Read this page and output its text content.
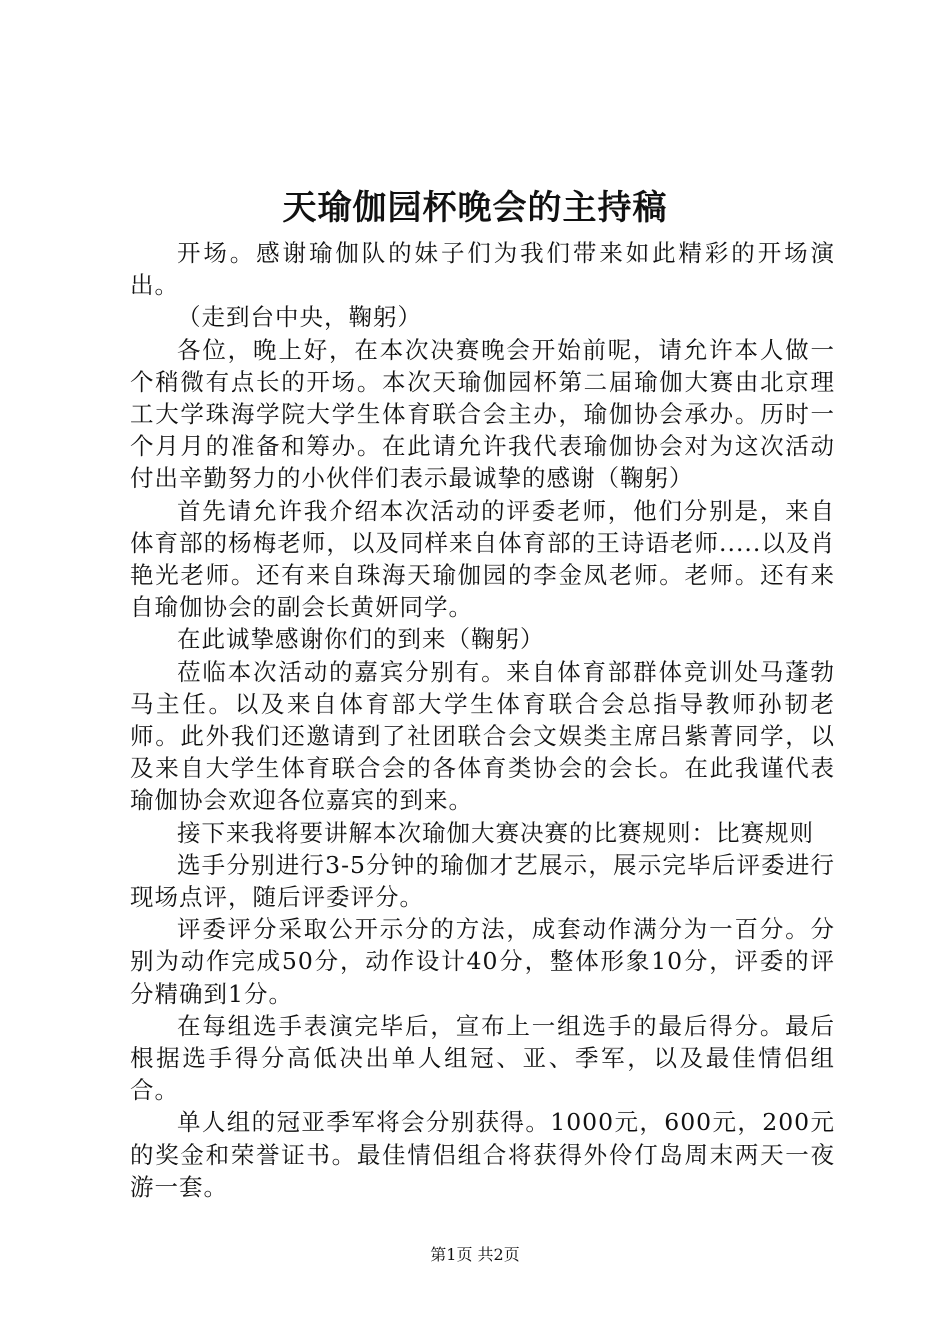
天瑜伽园杯晚会的主持稿

开场。感谢瑜伽队的妹子们为我们带来如此精彩的开场演出。

（走到台中央，鞠躬）

各位，晚上好，在本次决赛晚会开始前呢，请允许本人做一个稍微有点长的开场。本次天瑜伽园杯第二届瑜伽大赛由北京理工大学珠海学院大学生体育联合会主办，瑜伽协会承办。历时一个月月的准备和筹办。在此请允许我代表瑜伽协会对为这次活动付出辛勤努力的小伙伴们表示最诚挚的感谢（鞠躬）

首先请允许我介绍本次活动的评委老师，他们分别是，来自体育部的杨梅老师，以及同样来自体育部的王诗语老师.....以及肖艳光老师。还有来自珠海天瑜伽园的李金凤老师。老师。还有来自瑜伽协会的副会长黄妍同学。

在此诚挚感谢你们的到来（鞠躬）

莅临本次活动的嘉宾分别有。来自体育部群体竞训处马蓬勃马主任。以及来自体育部大学生体育联合会总指导教师孙韧老师。此外我们还邀请到了社团联合会文娱类主席吕紫菁同学，以及来自大学生体育联合会的各体育类协会的会长。在此我谨代表瑜伽协会欢迎各位嘉宾的到来。

接下来我将要讲解本次瑜伽大赛决赛的比赛规则：比赛规则

选手分别进行3-5分钟的瑜伽才艺展示，展示完毕后评委进行现场点评，随后评委评分。

评委评分采取公开示分的方法，成套动作满分为一百分。分别为动作完成50分，动作设计40分，整体形象10分，评委的评分精确到1分。

在每组选手表演完毕后，宣布上一组选手的最后得分。最后根据选手得分高低决出单人组冠、亚、季军，以及最佳情侣组合。

单人组的冠亚季军将会分别获得。1000元，600元，200元的奖金和荣誉证书。最佳情侣组合将获得外伶仃岛周末两天一夜游一套。

第1页 共2页
